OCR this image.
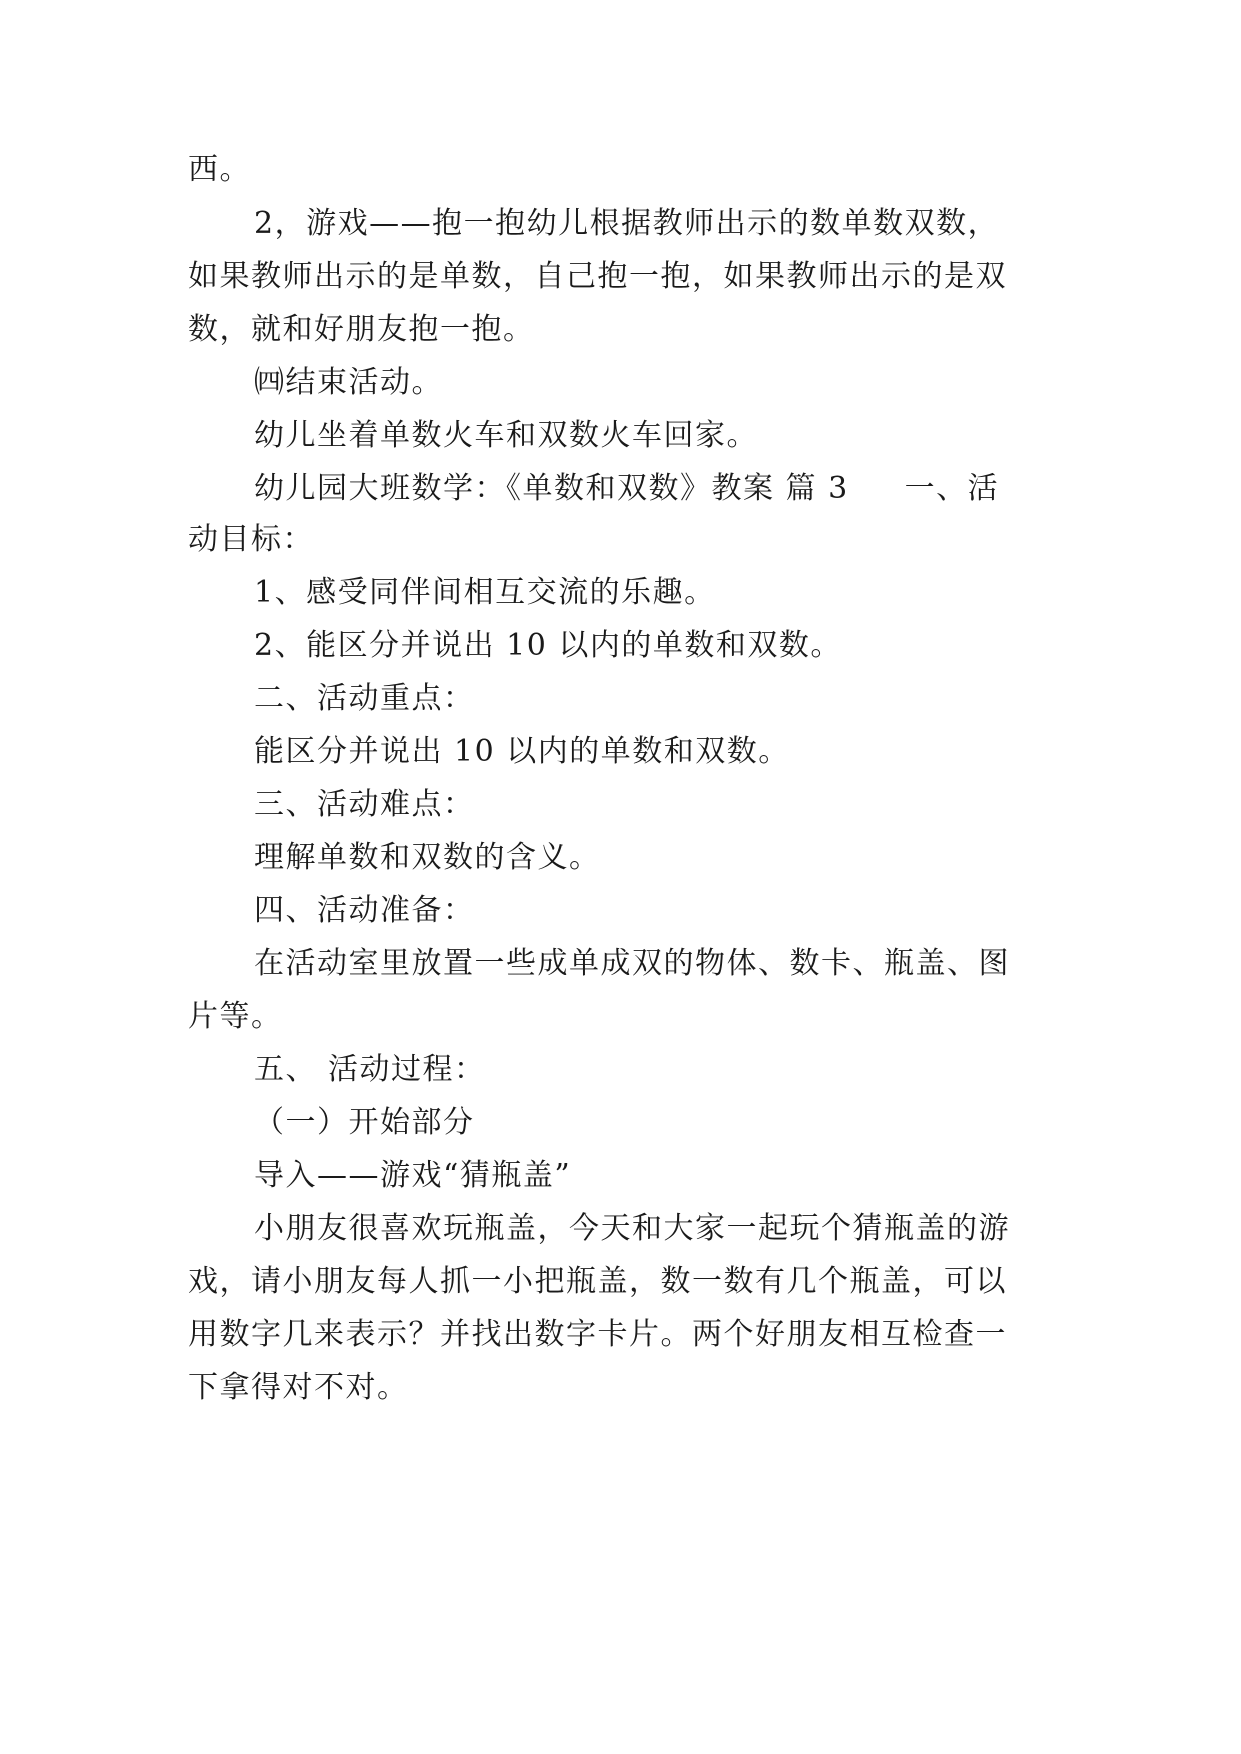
西。
2，游戏——抱一抱幼儿根据教师出示的数单数双数，
如果教师出示的是单数，自己抱一抱，如果教师出示的是双
数，就和好朋友抱一抱。
㈣结束活动。
幼儿坐着单数火车和双数火车回家。
幼儿园大班数学：《单数和双数》教案 篇 3 一、活
动目标：
1、感受同伴间相互交流的乐趣。
2、能区分并说出 10 以内的单数和双数。
二、活动重点：
能区分并说出 10 以内的单数和双数。
三、活动难点：
理解单数和双数的含义。
四、活动准备：
在活动室里放置一些成单成双的物体、数卡、瓶盖、图
片等。
五、 活动过程：
（一）开始部分
导入——游戏“猜瓶盖”
小朋友很喜欢玩瓶盖，今天和大家一起玩个猜瓶盖的游
戏，请小朋友每人抓一小把瓶盖，数一数有几个瓶盖，可以
用数字几来表示？并找出数字卡片。两个好朋友相互检查一
下拿得对不对。
